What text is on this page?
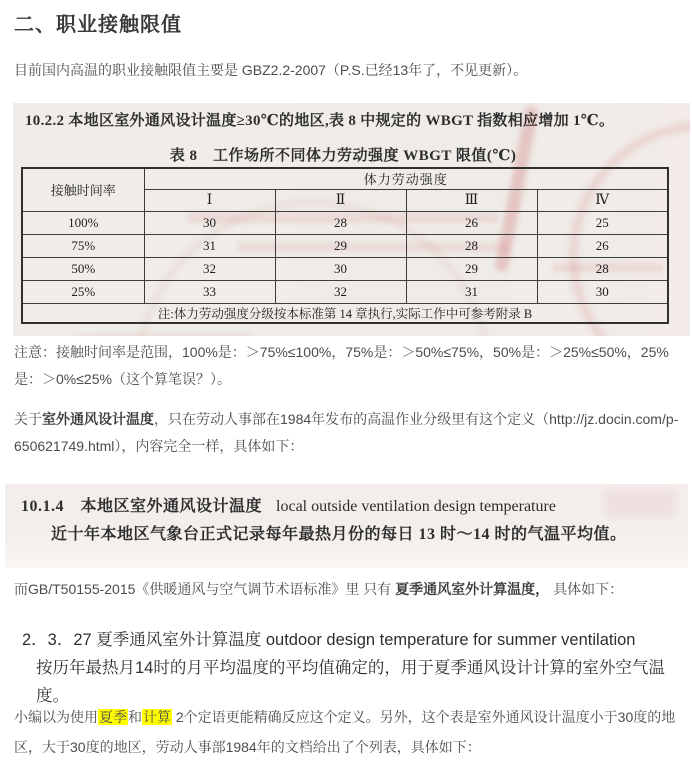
二、职业接触限值

目前国内高温的职业接触限值主要是 GBZ2.2-2007（P.S.已经13年了，不见更新）。

10.2.2 本地区室外通风设计温度≥30℃的地区,表 8 中规定的 WBGT 指数相应增加 1℃。
表 8　工作场所不同体力劳动强度 WBGT 限值(℃)
接触时间率	体力劳动强度			
	Ⅰ	Ⅱ	Ⅲ	Ⅳ
100%	30	28	26	25
75%	31	29	28	26
50%	32	30	29	28
25%	33	32	31	30
注:体力劳动强度分级按本标准第 14 章执行,实际工作中可参考附录 B				

注意：接触时间率是范围，100%是：＞75%≤100%，75%是：＞50%≤75%，50%是：＞25%≤50%，25%是：＞0%≤25%（这个算笔误？）。

关于室外通风设计温度，只在劳动人事部在1984年发布的高温作业分级里有这个定义（http://jz.docin.com/p-650621749.html），内容完全一样，具体如下：

10.1.4　本地区室外通风设计温度 local outside ventilation design temperature
近十年本地区气象台正式记录每年最热月份的每日 13 时～14 时的气温平均值。

而GB/T50155-2015《供暖通风与空气调节术语标准》里 只有 夏季通风室外计算温度， 具体如下：

2．3．27 夏季通风室外计算温度 outdoor design temperature for summer ventilation
按历年最热月14时的月平均温度的平均值确定的，用于夏季通风设计计算的室外空气温度。

小编以为使用夏季和计算 2个定语更能精确反应这个定义。另外，这个表是室外通风设计温度小于30度的地区，大于30度的地区，劳动人事部1984年的文档给出了个列表，具体如下：
